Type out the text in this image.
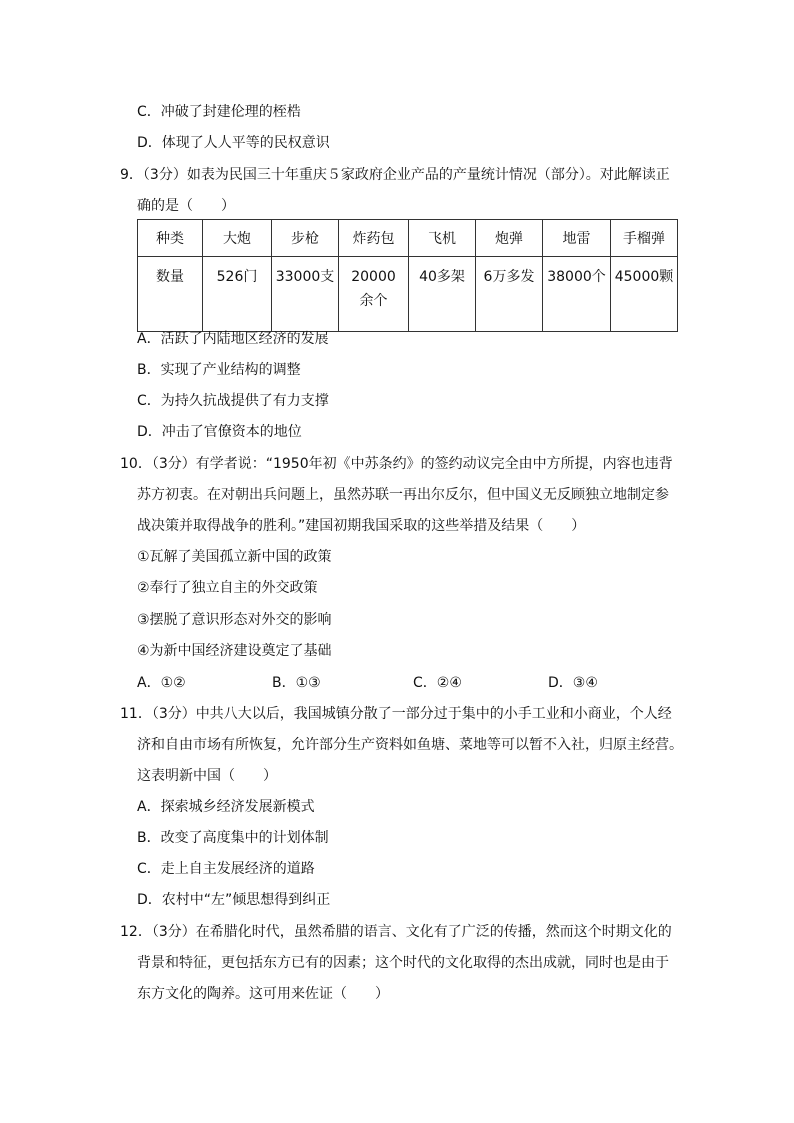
C．冲破了封建伦理的桎梏
D．体现了人人平等的民权意识
9．（3分）如表为民国三十年重庆５家政府企业产品的产量统计情况（部分）。对此解读正
确的是（　　）
种类	大炮	步枪	炸药包	飞机	炮弹	地雷	手榴弹
数量	526门	33000支	20000余个	40多架	6万多发	38000个	45000颗
A．活跃了内陆地区经济的发展
B．实现了产业结构的调整
C．为持久抗战提供了有力支撑
D．冲击了官僚资本的地位
10．（3分）有学者说：“1950年初《中苏条约》的签约动议完全由中方所提，内容也违背
苏方初衷。在对朝出兵问题上，虽然苏联一再出尔反尔，但中国义无反顾独立地制定参
战决策并取得战争的胜利。”建国初期我国采取的这些举措及结果（　　）
①瓦解了美国孤立新中国的政策
②奉行了独立自主的外交政策
③摆脱了意识形态对外交的影响
④为新中国经济建设奠定了基础
A．①②	B．①③	C．②④	D．③④
11．（3分）中共八大以后，我国城镇分散了一部分过于集中的小手工业和小商业，个人经
济和自由市场有所恢复，允许部分生产资料如鱼塘、菜地等可以暂不入社，归原主经营。
这表明新中国（　　）
A．探索城乡经济发展新模式
B．改变了高度集中的计划体制
C．走上自主发展经济的道路
D．农村中“左”倾思想得到纠正
12．（3分）在希腊化时代，虽然希腊的语言、文化有了广泛的传播，然而这个时期文化的
背景和特征，更包括东方已有的因素；这个时代的文化取得的杰出成就，同时也是由于
东方文化的陶养。这可用来佐证（　　）
